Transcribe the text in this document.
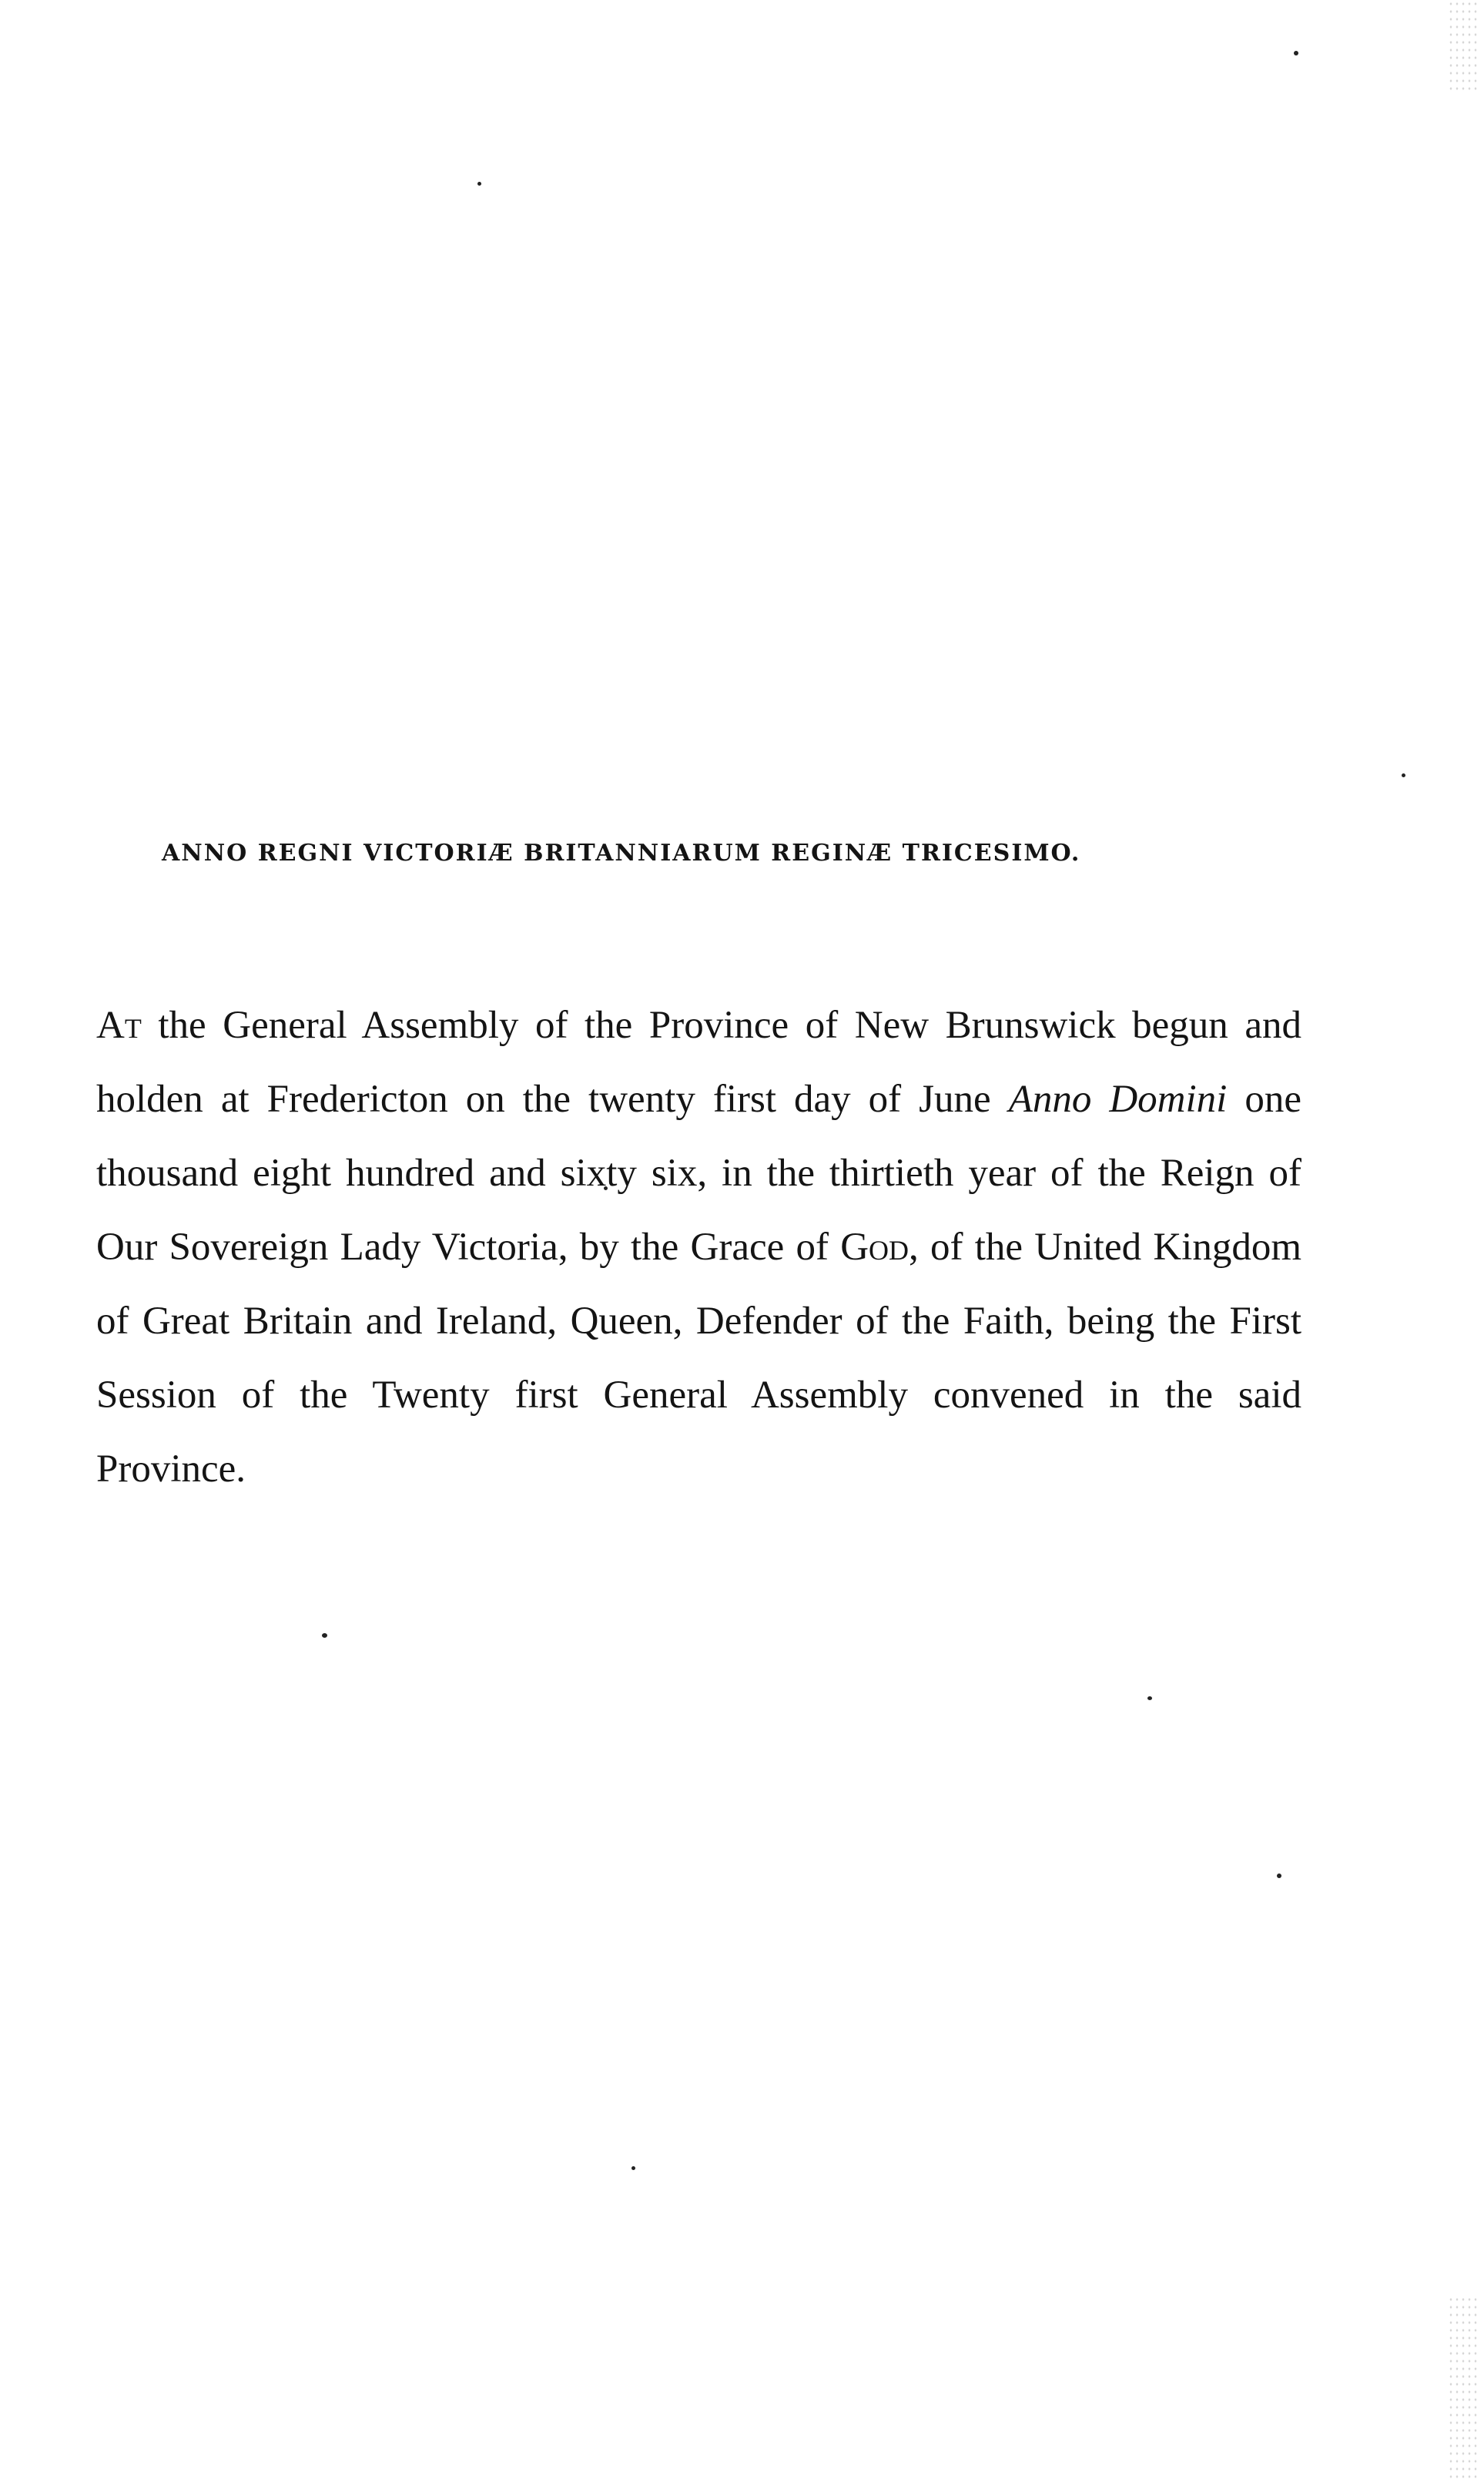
ANNO REGNI VICTORIÆ BRITANNIARUM REGINÆ TRICESIMO.

At the General Assembly of the Province of New Brunswick begun and holden at Fredericton on the twenty first day of June Anno Domini one thousand eight hundred and sixty six, in the thirtieth year of the Reign of Our Sovereign Lady Victoria, by the Grace of God, of the United Kingdom of Great Britain and Ireland, Queen, Defender of the Faith, being the First Session of the Twenty first General Assembly convened in the said Province.
